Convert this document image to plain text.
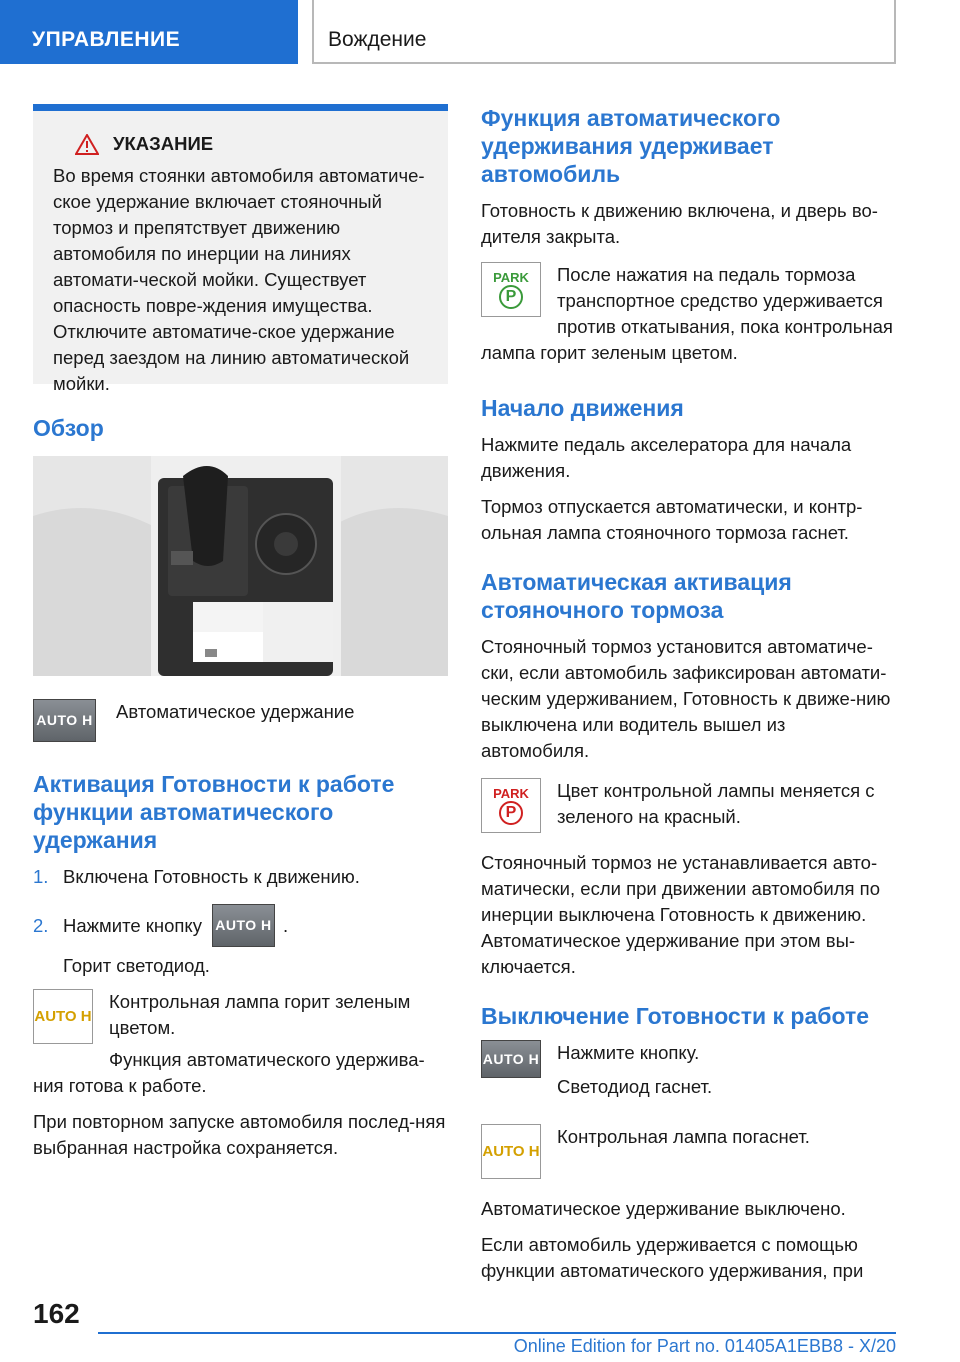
УПРАВЛЕНИЕ	Вождение
УКАЗАНИЕ

Во время стоянки автомобиля автоматиче-ское удержание включает стояночный тормоз и препятствует движению автомобиля по инерции на линиях автомати-ческой мойки. Существует опасность повре-ждения имущества. Отключите автоматиче-ское удержание перед заездом на линию автоматической мойки.

Обзор
AUTO H Автоматическое удержание

Активация Готовности к работе функции автоматического удержания
1. Включена Готовность к движению.
2. Нажмите кнопку AUTO H .

Горит светодиод.

AUTO H

Контрольная лампа горит зеленым цветом.

Функция автоматического удержива-ния готова к работе.

При повторном запуске автомобиля послед-няя выбранная настройка сохраняется.

Функция автоматического удерживания удерживает автомобиль

Готовность к движению включена, и дверь во-дителя закрыта.

PARK
P

После нажатия на педаль тормоза транспортное средство удерживается против откатывания, пока контрольная лампа горит зеленым цветом.

Начало движения

Нажмите педаль акселератора для начала движения.

Тормоз отпускается автоматически, и контр-ольная лампа стояночного тормоза гаснет.

Автоматическая активация стояночного тормоза

Стояночный тормоз установится автоматиче-ски, если автомобиль зафиксирован автомати-ческим удерживанием, Готовность к движе-нию выключена или водитель вышел из автомобиля.

PARK
P

Цвет контрольной лампы меняется с зеленого на красный.

Стояночный тормоз не устанавливается авто-матически, если при движении автомобиля по инерции выключена Готовность к движению. Автоматическое удерживание при этом вы-ключается.

Выключение Готовности к работе
AUTO H Нажмите кнопку.

Светодиод гаснет.

AUTO H

Контрольная лампа погаснет.

Автоматическое удерживание выключено.

Если автомобиль удерживается с помощью функции автоматического удерживания, при

162
Online Edition for Part no. 01405A1EBB8 - X/20
